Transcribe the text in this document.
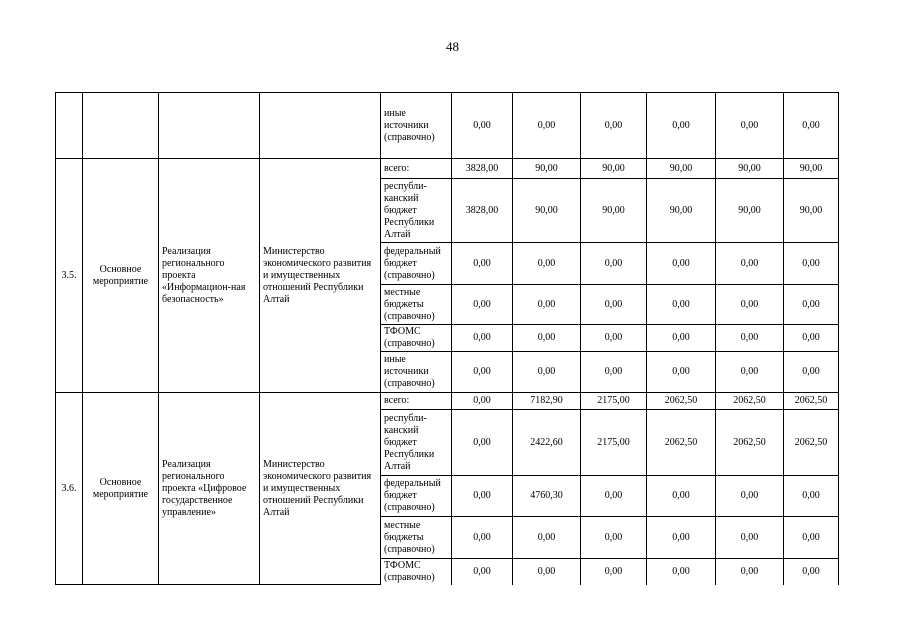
48
				иные источники (справочно)	0,00	0,00	0,00	0,00	0,00	0,00
3.5.	Основное мероприятие	Реализация регионального проекта «Информацион-ная безопасность»	Министерство экономического развития и имущественных отношений Республики Алтай	всего:	3828,00	90,00	90,00	90,00	90,00	90,00
				республи-канский бюджет Республики Алтай	3828,00	90,00	90,00	90,00	90,00	90,00
				федеральный бюджет (справочно)	0,00	0,00	0,00	0,00	0,00	0,00
				местные бюджеты (справочно)	0,00	0,00	0,00	0,00	0,00	0,00
				ТФОМС (справочно)	0,00	0,00	0,00	0,00	0,00	0,00
				иные источники (справочно)	0,00	0,00	0,00	0,00	0,00	0,00
3.6.	Основное мероприятие	Реализация регионального проекта «Цифровое государственное управление»	Министерство экономического развития и имущественных отношений Республики Алтай	всего:	0,00	7182,90	2175,00	2062,50	2062,50	2062,50
				республи-канский бюджет Республики Алтай	0,00	2422,60	2175,00	2062,50	2062,50	2062,50
				федеральный бюджет (справочно)	0,00	4760,30	0,00	0,00	0,00	0,00
				местные бюджеты (справочно)	0,00	0,00	0,00	0,00	0,00	0,00
				ТФОМС (справочно)	0,00	0,00	0,00	0,00	0,00	0,00
